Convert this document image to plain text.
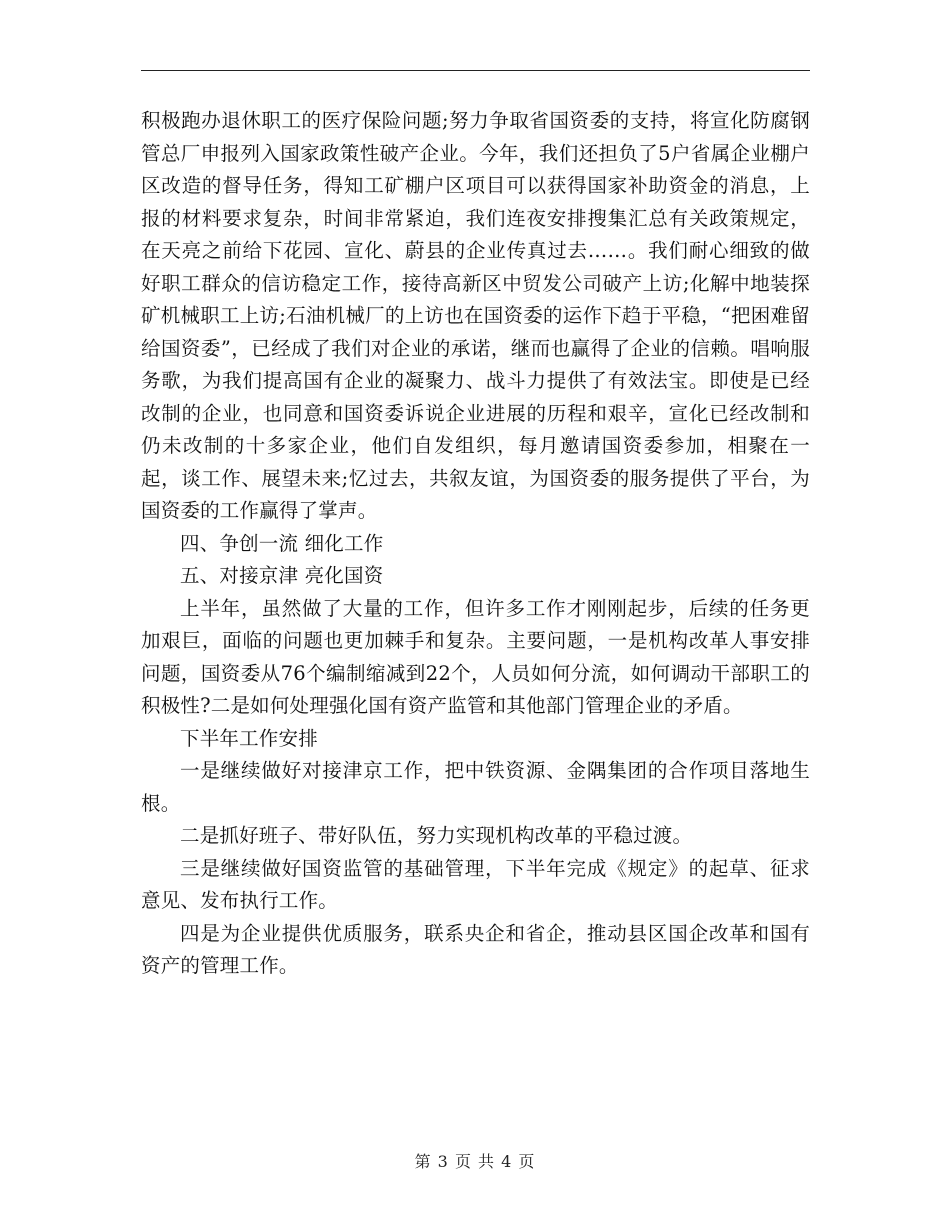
积极跑办退休职工的医疗保险问题;努力争取省国资委的支持，将宣化防腐钢管总厂申报列入国家政策性破产企业。今年，我们还担负了5户省属企业棚户区改造的督导任务，得知工矿棚户区项目可以获得国家补助资金的消息，上报的材料要求复杂，时间非常紧迫，我们连夜安排搜集汇总有关政策规定，在天亮之前给下花园、宣化、蔚县的企业传真过去……。我们耐心细致的做好职工群众的信访稳定工作，接待高新区中贸发公司破产上访;化解中地装探矿机械职工上访;石油机械厂的上访也在国资委的运作下趋于平稳，“把困难留给国资委”，已经成了我们对企业的承诺，继而也赢得了企业的信赖。唱响服务歌，为我们提高国有企业的凝聚力、战斗力提供了有效法宝。即使是已经改制的企业，也同意和国资委诉说企业进展的历程和艰辛，宣化已经改制和仍未改制的十多家企业，他们自发组织，每月邀请国资委参加，相聚在一起，谈工作、展望未来;忆过去，共叙友谊，为国资委的服务提供了平台，为国资委的工作赢得了掌声。

四、争创一流 细化工作

五、对接京津 亮化国资

上半年，虽然做了大量的工作，但许多工作才刚刚起步，后续的任务更加艰巨，面临的问题也更加棘手和复杂。主要问题，一是机构改革人事安排问题，国资委从76个编制缩减到22个，人员如何分流，如何调动干部职工的积极性?二是如何处理强化国有资产监管和其他部门管理企业的矛盾。

下半年工作安排

一是继续做好对接津京工作，把中铁资源、金隅集团的合作项目落地生根。

二是抓好班子、带好队伍，努力实现机构改革的平稳过渡。

三是继续做好国资监管的基础管理，下半年完成《规定》的起草、征求意见、发布执行工作。

四是为企业提供优质服务，联系央企和省企，推动县区国企改革和国有资产的管理工作。

第 3 页 共 4 页
